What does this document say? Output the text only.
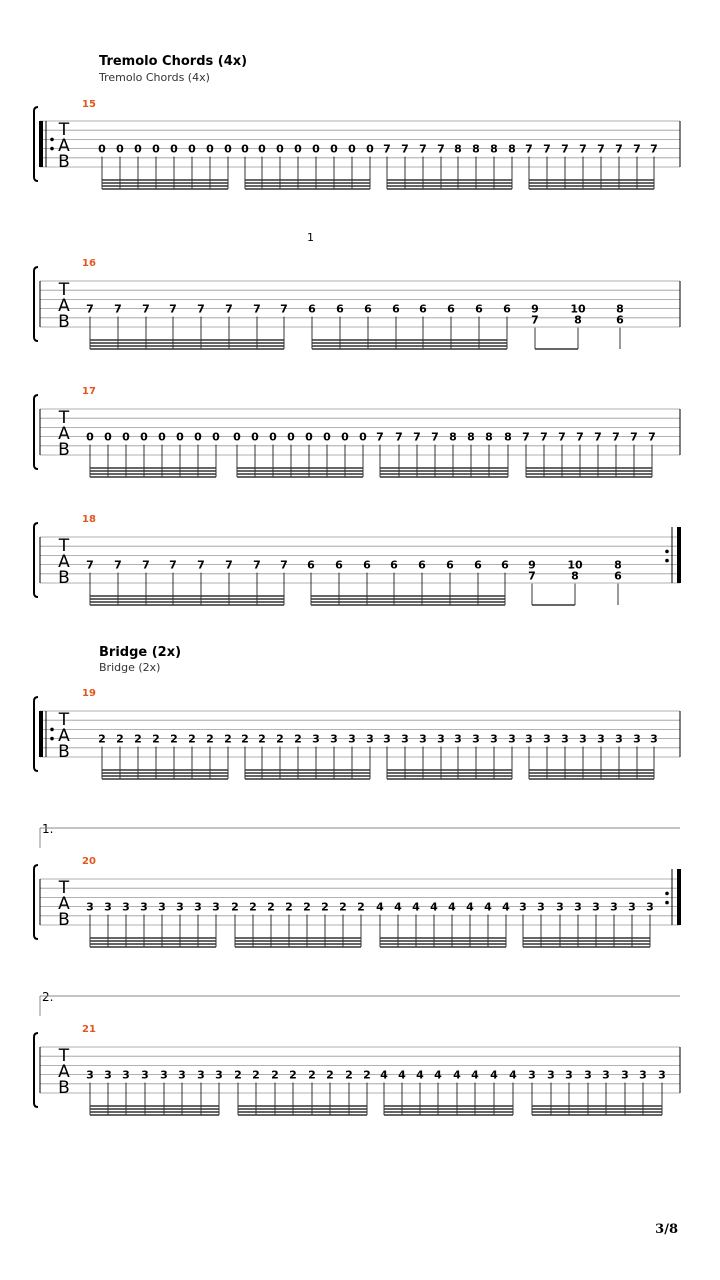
Tremolo Chords (4x)
Tremolo Chords (4x)
Bridge (2x)
Bridge (2x)
1.
2.
1
3/8
T
A
B
15
0 0 0 0 0 0 0 0 0 0 0 0 0 0 0 0 7 7 7 7 8 8 8 8 7 7 7 7 7 7 7 7
T
A
B
16
7 7 7 7 7 7 7 7 6 6 6 6 6 6 6 6 9
7
10
8
8
6
T
A
B
17
0 0 0 0 0 0 0 0 0 0 0 0 0 0 0 0 7 7 7 7 8 8 8 8 7 7 7 7 7 7 7 7
T
A
B
18
7 7 7 7 7 7 7 7 6 6 6 6 6 6 6 6 9
7
10
8
8
6
T
A
B
19
2 2 2 2 2 2 2 2 2 2 2 2 3 3 3 3 3 3 3 3 3 3 3 3 3 3 3 3 3 3 3 3
T
A
B
20
3 3 3 3 3 3 3 3 2 2 2 2 2 2 2 2 4 4 4 4 4 4 4 4 3 3 3 3 3 3 3 3
T
A
B
21
3 3 3 3 3 3 3 3 2 2 2 2 2 2 2 2 4 4 4 4 4 4 4 4 3 3 3 3 3 3 3 3
